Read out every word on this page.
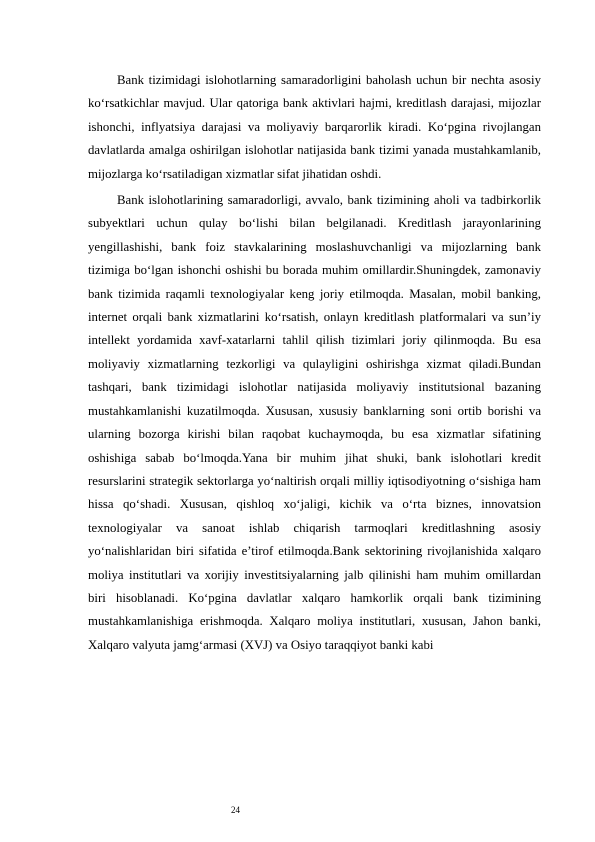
Bank tizimidagi islohotlarning samaradorligini baholash uchun bir nechta asosiy ko‘rsatkichlar mavjud. Ular qatoriga bank aktivlari hajmi, kreditlash darajasi, mijozlar ishonchi, inflyatsiya darajasi va moliyaviy barqarorlik kiradi. Ko‘pgina rivojlangan davlatlarda amalga oshirilgan islohotlar natijasida bank tizimi yanada mustahkamlanib, mijozlarga ko‘rsatiladigan xizmatlar sifat jihatidan oshdi.

Bank islohotlarining samaradorligi, avvalo, bank tizimining aholi va tadbirkorlik subyektlari uchun qulay bo‘lishi bilan belgilanadi. Kreditlash jarayonlarining yengillashishi, bank foiz stavkalarining moslashuvchanligi va mijozlarning bank tizimiga bo‘lgan ishonchi oshishi bu borada muhim omillardir.Shuningdek, zamonaviy bank tizimida raqamli texnologiyalar keng joriy etilmoqda. Masalan, mobil banking, internet orqali bank xizmatlarini ko‘rsatish, onlayn kreditlash platformalari va sun’iy intellekt yordamida xavf-xatarlarni tahlil qilish tizimlari joriy qilinmoqda. Bu esa moliyaviy xizmatlarning tezkorligi va qulayligini oshirishga xizmat qiladi.Bundan tashqari, bank tizimidagi islohotlar natijasida moliyaviy institutsional bazaning mustahkamlanishi kuzatilmoqda. Xususan, xususiy banklarning soni ortib borishi va ularning bozorga kirishi bilan raqobat kuchaymoqda, bu esa xizmatlar sifatining oshishiga sabab bo‘lmoqda.Yana bir muhim jihat shuki, bank islohotlari kredit resurslarini strategik sektorlarga yo‘naltirish orqali milliy iqtisodiyotning o‘sishiga ham hissa qo‘shadi. Xususan, qishloq xo‘jaligi, kichik va o‘rta biznes, innovatsion texnologiyalar va sanoat ishlab chiqarish tarmoqlari kreditlashning asosiy yo‘nalishlaridan biri sifatida e’tirof etilmoqda.Bank sektorining rivojlanishida xalqaro moliya institutlari va xorijiy investitsiyalarning jalb qilinishi ham muhim omillardan biri hisoblanadi. Ko‘pgina davlatlar xalqaro hamkorlik orqali bank tizimining mustahkamlanishiga erishmoqda. Xalqaro moliya institutlari, xususan, Jahon banki, Xalqaro valyuta jamg‘armasi (XVJ) va Osiyo taraqqiyot banki kabi

24
